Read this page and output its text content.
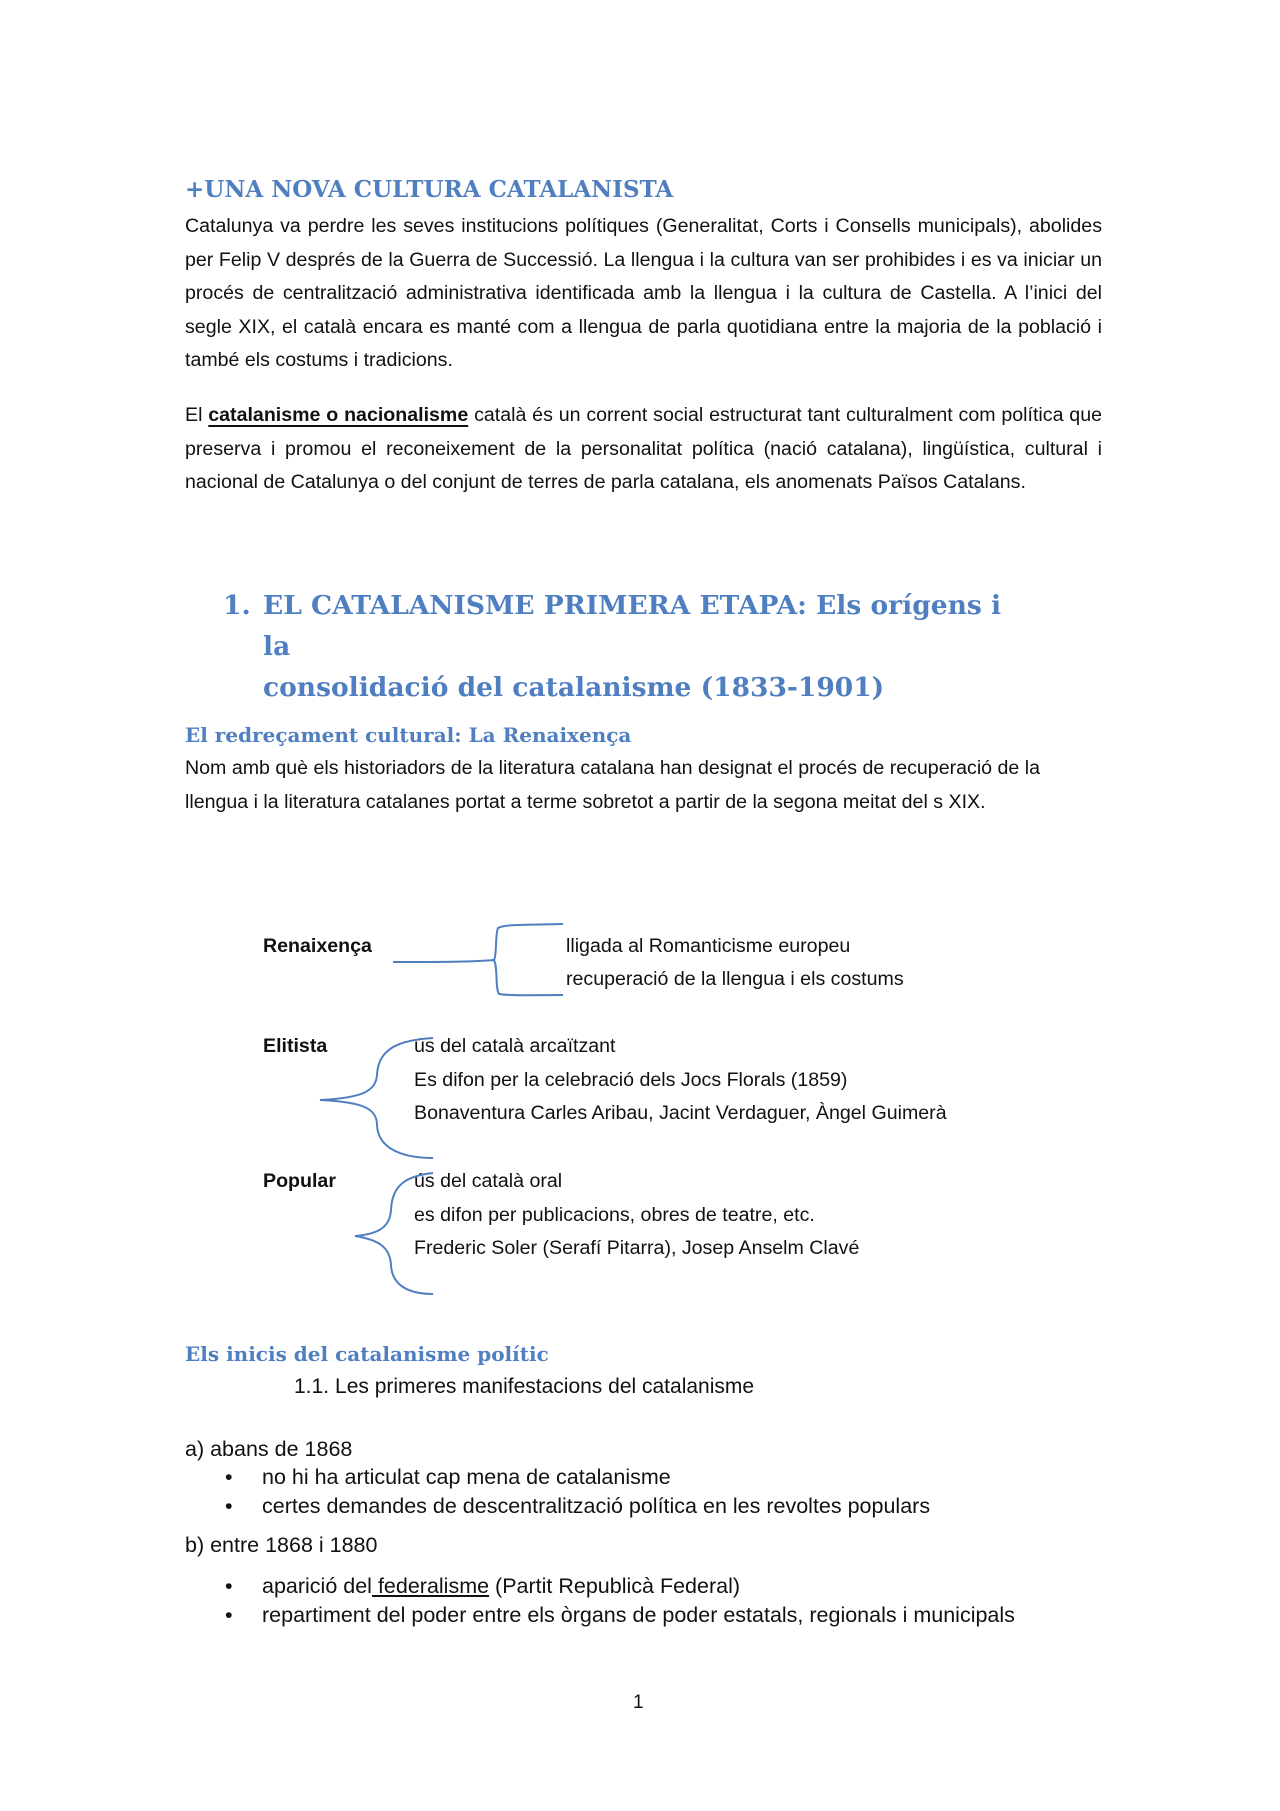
+UNA NOVA CULTURA CATALANISTA

Catalunya va perdre les seves institucions polítiques (Generalitat, Corts i Consells municipals), abolides per Felip V després de la Guerra de Successió. La llengua i la cultura van ser prohibides i es va iniciar un procés de centralització administrativa identificada amb la llengua i la cultura de Castella. A l’inici del segle XIX, el català encara es manté com a llengua de parla quotidiana entre la majoria de la població i també els costums i tradicions.

El catalanisme o nacionalisme català és un corrent social estructurat tant culturalment com política que preserva i promou el reconeixement de la personalitat política (nació catalana), lingüística, cultural i nacional de Catalunya o del conjunt de terres de parla catalana, els anomenats Països Catalans.

1. EL CATALANISME PRIMERA ETAPA: Els orígens i la
consolidació del catalanisme (1833-1901)
El redreçament cultural: La Renaixença

Nom amb què els historiadors de la literatura catalana han designat el procés de recuperació de la llengua i la literatura catalanes portat a terme sobretot a partir de la segona meitat del s XIX.

Renaixença	lligada al Romanticisme europeu
recuperació de la llengua i els costums
Elitista	ús del català arcaïtzant
Es difon per la celebració dels Jocs Florals (1859)
Bonaventura Carles Aribau, Jacint Verdaguer, Àngel Guimerà
Popular	ús del català oral
es difon per publicacions, obres de teatre, etc.
Frederic Soler (Serafí Pitarra), Josep Anselm Clavé
Els inicis del catalanisme polític
1.1. Les primeres manifestacions del catalanisme
a) abans de 1868
• no hi ha articulat cap mena de catalanisme
• certes demandes de descentralització política en les revoltes populars
b) entre 1868 i 1880
• aparició del federalisme (Partit Republicà Federal)
• repartiment del poder entre els òrgans de poder estatals, regionals i municipals
1
